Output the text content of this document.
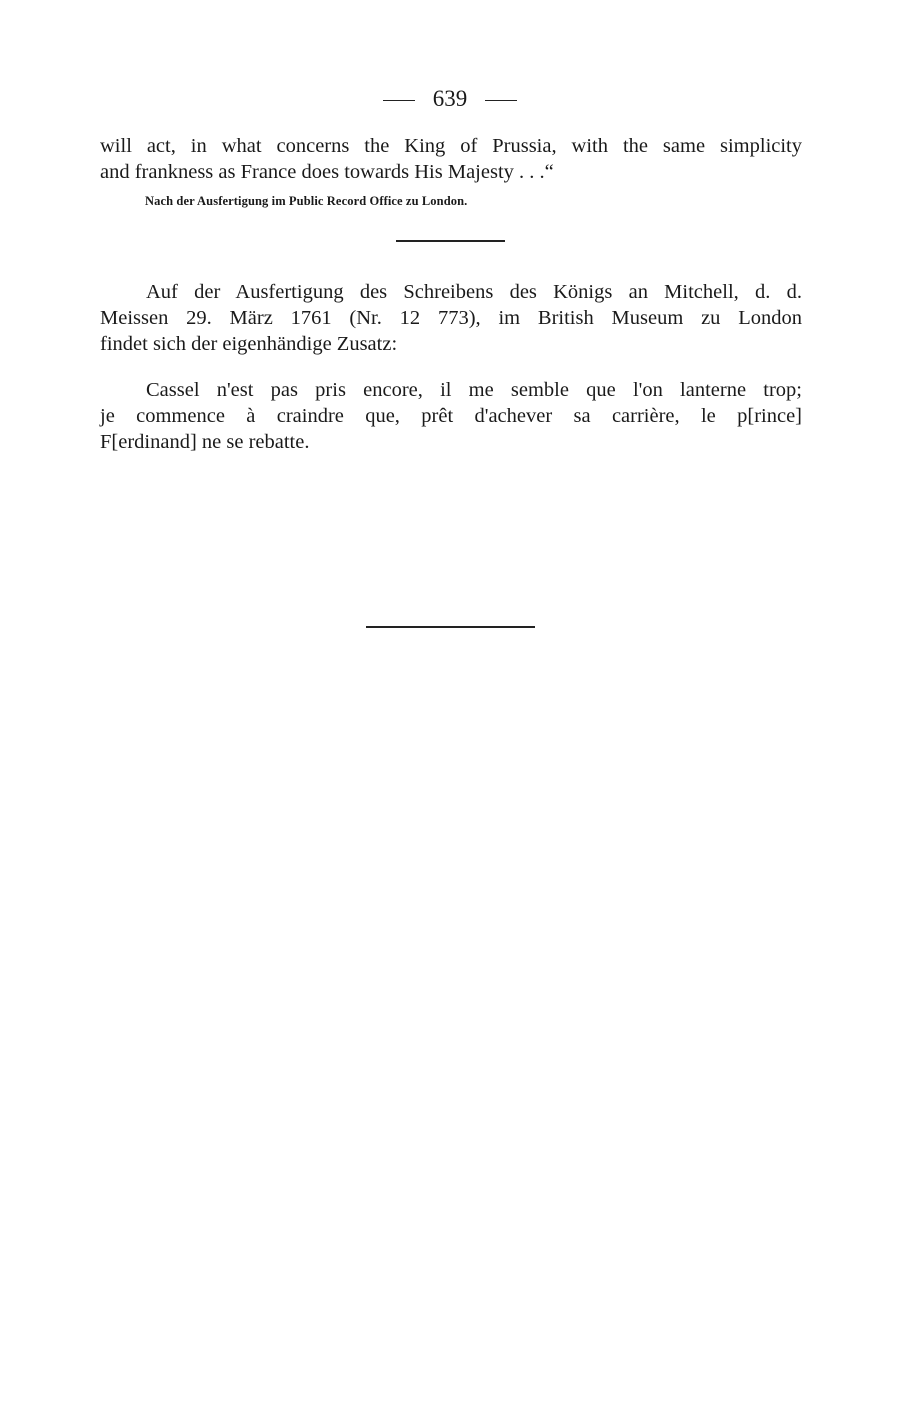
639

will act, in what concerns the King of Prussia, with the same simplicity

and frankness as France does towards His Majesty . . .“

Nach der Ausfertigung im Public Record Office zu London.

Auf der Ausfertigung des Schreibens des Königs an Mitchell, d. d.

Meissen 29. März 1761 (Nr. 12 773), im British Museum zu London

findet sich der eigenhändige Zusatz:

Cassel n'est pas pris encore, il me semble que l'on lanterne trop;

je commence à craindre que, prêt d'achever sa carrière, le p[rince]

F[erdinand] ne se rebatte.
